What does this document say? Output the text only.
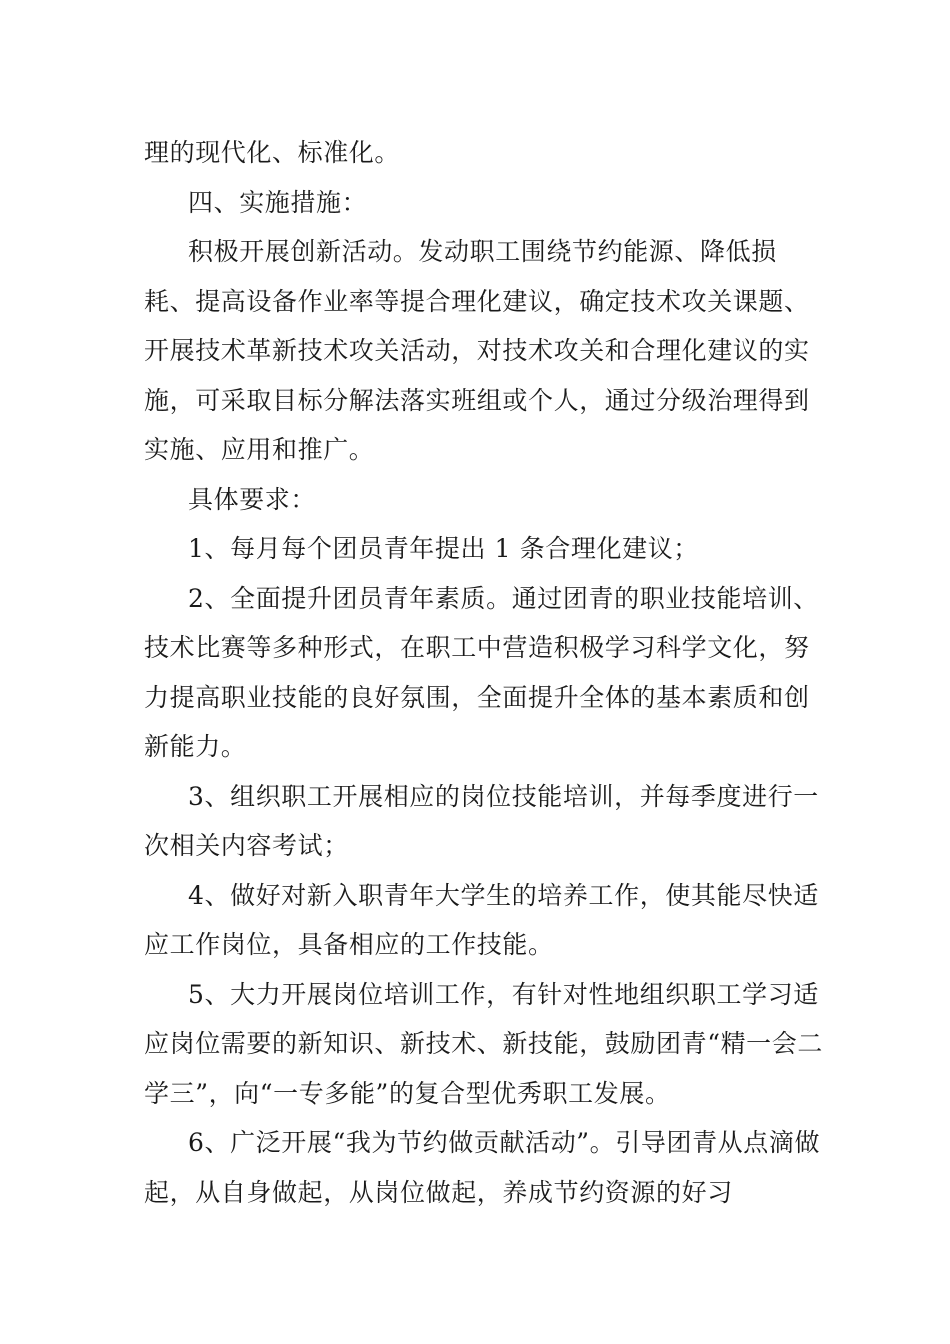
理的现代化、标准化。

四、实施措施：

积极开展创新活动。发动职工围绕节约能源、降低损耗、提高设备作业率等提合理化建议，确定技术攻关课题、开展技术革新技术攻关活动，对技术攻关和合理化建议的实施，可采取目标分解法落实班组或个人，通过分级治理得到实施、应用和推广。

具体要求：

1、每月每个团员青年提出 1 条合理化建议；

2、全面提升团员青年素质。通过团青的职业技能培训、技术比赛等多种形式，在职工中营造积极学习科学文化，努力提高职业技能的良好氛围，全面提升全体的基本素质和创新能力。

3、组织职工开展相应的岗位技能培训，并每季度进行一次相关内容考试；

4、做好对新入职青年大学生的培养工作，使其能尽快适应工作岗位，具备相应的工作技能。

5、大力开展岗位培训工作，有针对性地组织职工学习适应岗位需要的新知识、新技术、新技能，鼓励团青“精一会二学三”，向“一专多能”的复合型优秀职工发展。

6、广泛开展“我为节约做贡献活动”。引导团青从点滴做起，从自身做起，从岗位做起，养成节约资源的好习
